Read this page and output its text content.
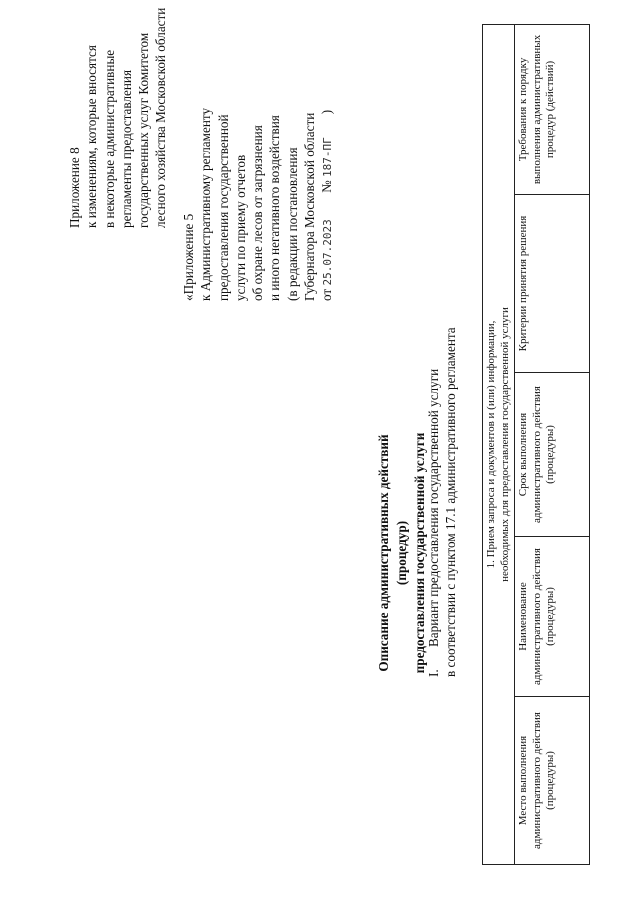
Приложение 8 к изменениям, которые вносятся в некоторые административные регламенты предоставления государственных услуг Комитетом лесного хозяйства Московской области
«Приложение 5 к Административному регламенту предоставления государственной услуги по приему отчетов об охране лесов от загрязнения и иного негативного воздействия (в редакции постановления Губернатора Московской области от 25.07.2023        № 187-ПГ       )
Описание административных действий (процедур) предоставления государственной услуги I.Вариант предоставления государственной услуги в соответствии с пунктом 17.1 административного регламента 1. Прием запроса и документов и (или) информации, необходимых для предоставления государственной услуги

Место выполнения административного действия (процедуры)	Наименование административного действия (процедуры)	Срок выполнения административного действия (процедуры)	Критерии принятия решения	Требования к порядку выполнения административных процедур (действий)
